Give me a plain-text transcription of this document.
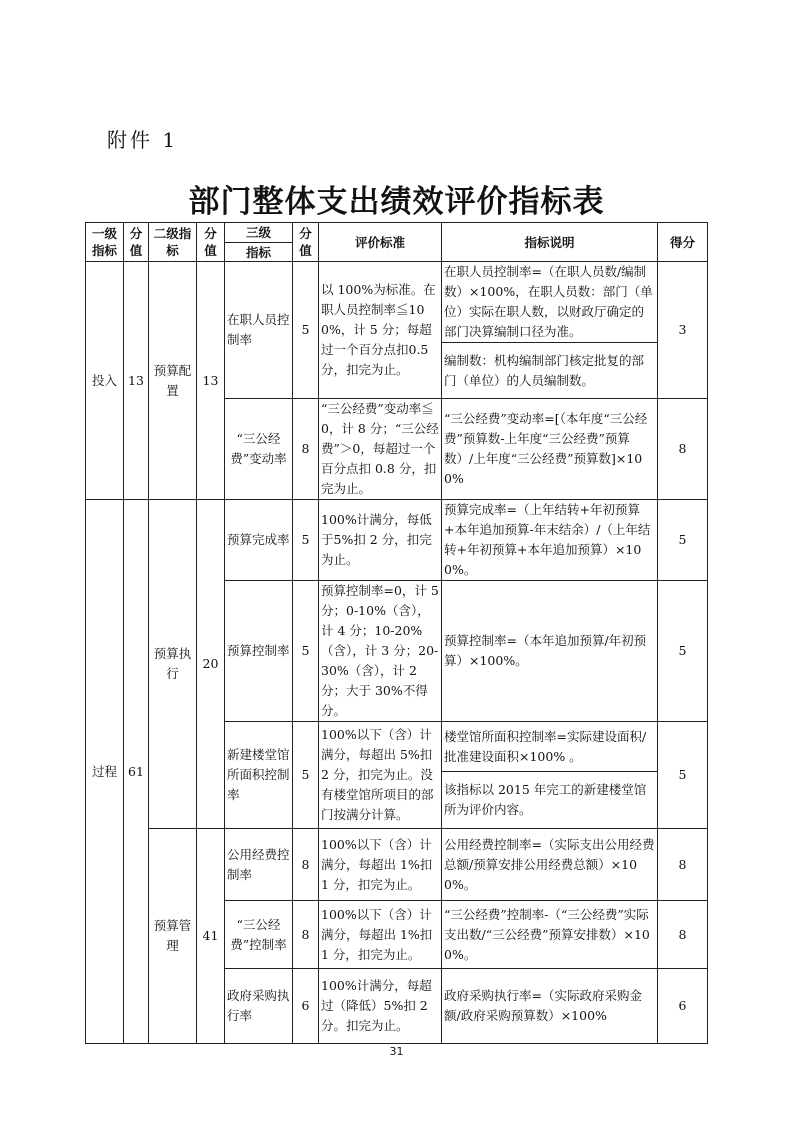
附件 1
部门整体支出绩效评价指标表
一级指标	分值	二级指标	分值	三级	分值	评价标准	指标说明	得分
				指标				
投入	13	预算配置	13	在职人员控制率	5	以 100%为标准。在职人员控制率≦100%，计 5 分；每超过一个百分点扣0.5分，扣完为止。	在职人员控制率=（在职人员数/编制数）×100%，在职人员数：部门（单位）实际在职人数，以财政厅确定的部门决算编制口径为准。	3
							编制数：机构编制部门核定批复的部门（单位）的人员编制数。	
				“三公经费”变动率	8	“三公经费”变动率≦0，计 8 分；“三公经费”＞0，每超过一个百分点扣 0.8 分，扣完为止。	“三公经费”变动率=[（本年度“三公经费”预算数-上年度“三公经费”预算数）/上年度“三公经费”预算数]×100%	8
过程	61	预算执行	20	预算完成率	5	100%计满分，每低于5%扣 2 分，扣完为止。	预算完成率=（上年结转+年初预算+本年追加预算-年末结余）/（上年结转+年初预算+本年追加预算）×100%。	5
				预算控制率	5	预算控制率=0，计 5 分；0-10%（含），计 4 分；10-20%（含），计 3 分；20-30%（含），计 2 分；大于 30%不得分。	预算控制率=（本年追加预算/年初预算）×100%。	5
				新建楼堂馆所面积控制率	5	100%以下（含）计满分，每超出 5%扣 2 分，扣完为止。没有楼堂馆所项目的部门按满分计算。	楼堂馆所面积控制率=实际建设面积/批准建设面积×100% 。	5
							该指标以 2015 年完工的新建楼堂馆所为评价内容。	
		预算管理	41	公用经费控制率	8	100%以下（含）计满分，每超出 1%扣 1 分，扣完为止。	公用经费控制率=（实际支出公用经费总额/预算安排公用经费总额）×100%。	8
				“三公经费”控制率	8	100%以下（含）计满分，每超出 1%扣 1 分，扣完为止。	“三公经费”控制率-（“三公经费”实际支出数/“三公经费”预算安排数）×100%。	8
				政府采购执行率	6	100%计满分，每超过（降低）5%扣 2 分。扣完为止。	政府采购执行率=（实际政府采购金额/政府采购预算数）×100%	6
31
